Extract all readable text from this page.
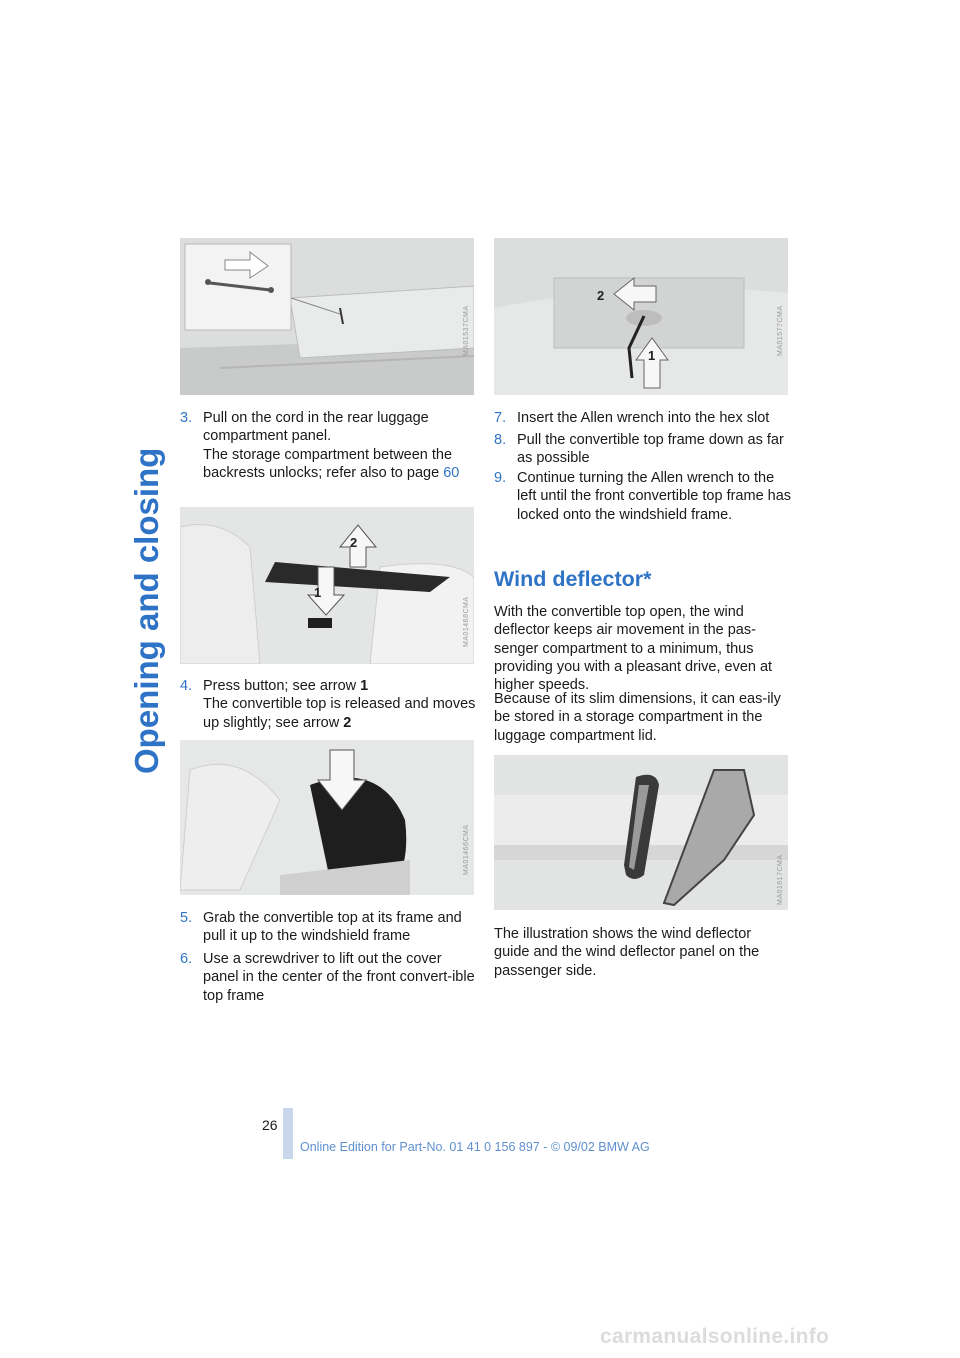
Opening and closing
MA01537CMA
2
1	MA01577CMA
3. Pull on the cord in the rear luggage compartment panel.
The storage compartment between the backrests unlocks; refer also to page 60
1
2
MA01468CMA
4. Press button; see arrow 1
The convertible top is released and moves up slightly; see arrow 2
MA01466CMA
5. Grab the convertible top at its frame and pull it up to the windshield frame
6. Use a screwdriver to lift out the cover panel in the center of the front convert-ible top frame
7. Insert the Allen wrench into the hex slot
8. Pull the convertible top frame down as far as possible
9. Continue turning the Allen wrench to the left until the front convertible top frame has locked onto the windshield frame.
Wind deflector*
With the convertible top open, the wind deflector keeps air movement in the pas-senger compartment to a minimum, thus providing you with a pleasant drive, even at higher speeds.
Because of its slim dimensions, it can eas-ily be stored in a storage compartment in the luggage compartment lid.
MA01617CMA
The illustration shows the wind deflector guide and the wind deflector panel on the passenger side.
26
Online Edition for Part-No. 01 41 0 156 897 - © 09/02 BMW AG
carmanualsonline.info
